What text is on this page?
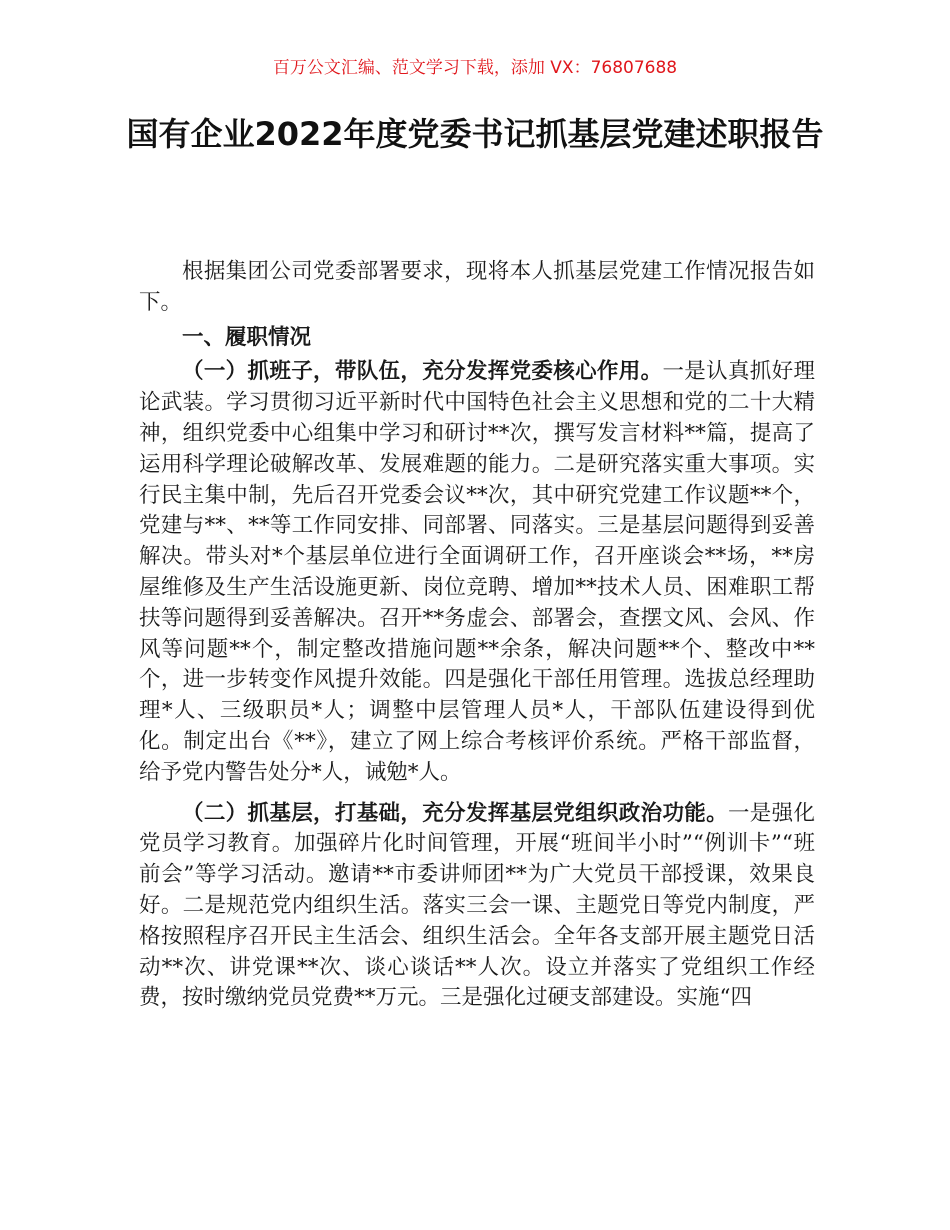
百万公文汇编、范文学习下载，添加 VX：76807688
国有企业2022年度党委书记抓基层党建述职报告

根据集团公司党委部署要求，现将本人抓基层党建工作情况报告如下。

一、履职情况

（一）抓班子，带队伍，充分发挥党委核心作用。一是认真抓好理论武装。学习贯彻习近平新时代中国特色社会主义思想和党的二十大精神，组织党委中心组集中学习和研讨**次，撰写发言材料**篇，提高了运用科学理论破解改革、发展难题的能力。二是研究落实重大事项。实行民主集中制，先后召开党委会议**次，其中研究党建工作议题**个，党建与**、**等工作同安排、同部署、同落实。三是基层问题得到妥善解决。带头对*个基层单位进行全面调研工作，召开座谈会**场，**房屋维修及生产生活设施更新、岗位竞聘、增加**技术人员、困难职工帮扶等问题得到妥善解决。召开**务虚会、部署会，查摆文风、会风、作风等问题**个，制定整改措施问题**余条，解决问题**个、整改中**个，进一步转变作风提升效能。四是强化干部任用管理。选拔总经理助理*人、三级职员*人；调整中层管理人员*人，干部队伍建设得到优化。制定出台《**》，建立了网上综合考核评价系统。严格干部监督，给予党内警告处分*人，诫勉*人。

（二）抓基层，打基础，充分发挥基层党组织政治功能。一是强化党员学习教育。加强碎片化时间管理，开展“班间半小时”“例训卡”“班前会”等学习活动。邀请**市委讲师团**为广大党员干部授课，效果良好。二是规范党内组织生活。落实三会一课、主题党日等党内制度，严格按照程序召开民主生活会、组织生活会。全年各支部开展主题党日活动**次、讲党课**次、谈心谈话**人次。设立并落实了党组织工作经费，按时缴纳党员党费**万元。三是强化过硬支部建设。实施“四
